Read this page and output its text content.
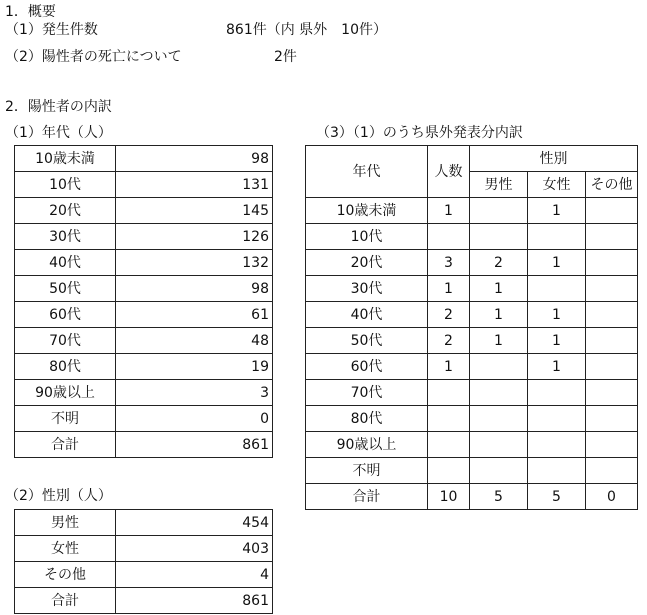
1．概要
（1）発生件数	861件（内 県外　10件）
（2）陽性者の死亡について	2件
2．陽性者の内訳
（1）年代（人）
10歳未満	98
10代	131
20代	145
30代	126
40代	132
50代	98
60代	61
70代	48
80代	19
90歳以上	3
不明	0
合計	861
（2）性別（人）
男性	454
女性	403
その他	4
合計	861
（3）（1）のうち県外発表分内訳
年代	人数	性別		
		男性	女性	その他
10歳未満	1		1	
10代				
20代	3	2	1	
30代	1	1		
40代	2	1	1	
50代	2	1	1	
60代	1		1	
70代				
80代				
90歳以上				
不明				
合計	10	5	5	0
